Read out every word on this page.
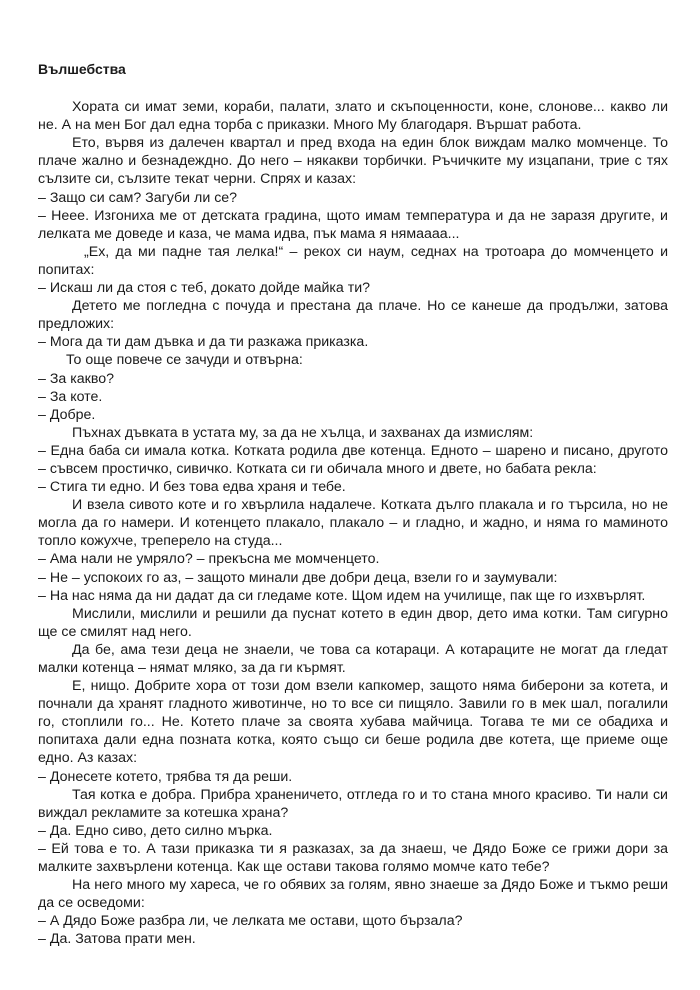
Вълшебства

Хората си имат земи, кораби, палати, злато и скъпоценности, коне, слонове... какво ли не. А на мен Бог дал една торба с приказки. Много Му благодаря. Вършат работа.

Ето, вървя из далечен квартал и пред входа на един блок виждам малко момченце. То плаче жално и безнадеждно. До него – някакви торбички. Ръчичките му изцапани, трие с тях сълзите си, сълзите текат черни. Спрях и казах:

– Защо си сам? Загуби ли се?

– Нeее. Изгониха ме от детската градина, щото имам температура и да не заразя другите, и лелката ме доведе и каза, че мама идва, пък мама я нямаааа...

„Ех, да ми падне тая лелка!“ – рекох си наум, седнах на тротоара до момченцето и попитах:

– Искаш ли да стоя с теб, докато дойде майка ти?

Детето ме погледна с почуда и престана да плаче. Но се канеше да продължи, затова предложих:

– Мога да ти дам дъвка и да ти разкажа приказка.

То още повече се зачуди и отвърна:

– За какво?

– За коте.

– Добре.

Пъхнах дъвката в устата му, за да не хълца, и захванах да измислям:

– Една баба си имала котка. Котката родила две котенца. Едното – шарено и писано, другото – съвсем простичко, сивичко. Котката си ги обичала много и двете, но бабата рекла:

– Стига ти едно. И без това едва храня и тебе.

И взела сивото коте и го хвърлила надалече. Котката дълго плакала и го търсила, но не могла да го намери. И котенцето плакало, плакало – и гладно, и жадно, и няма го маминото топло кожухче, треперело на студа...

– Ама нали не умряло? – прекъсна ме момченцето.

– Не – успокоих го аз, – защото минали две добри деца, взели го и заумували:

– На нас няма да ни дадат да си гледаме коте. Щом идем на училище, пак ще го изхвърлят.

Мислили, мислили и решили да пуснат котето в един двор, дето има котки. Там сигурно ще се смилят над него.

Да бе, ама тези деца не знаели, че това са котараци. А котараците не могат да гледат малки котенца – нямат мляко, за да ги кърмят.

Е, нищо. Добрите хора от този дом взели капкомер, защото няма биберони за котета, и почнали да хранят гладното животинче, но то все си пищяло. Завили го в мек шал, погалили го, стоплили го... Не. Котето плаче за своята хубава майчица. Тогава те ми се обадиха и попитаха дали една позната котка, която също си беше родила две котета, ще приеме още едно. Аз казах:

– Донесете котето, трябва тя да реши.

Тая котка е добра. Прибра храненичето, отгледа го и то стана много красиво. Ти нали си виждал рекламите за котешка храна?

– Да. Едно сиво, дето силно мърка.

– Ей това е то. А тази приказка ти я разказах, за да знаеш, че Дядо Боже се грижи дори за малките захвърлени котенца. Как ще остави такова голямо момче като тебе?

На него много му хареса, че го обявих за голям, явно знаеше за Дядо Боже и тъкмо реши да се осведоми:

– А Дядо Боже разбра ли, че лелката ме остави, щото бързала?

– Да. Затова прати мен.
